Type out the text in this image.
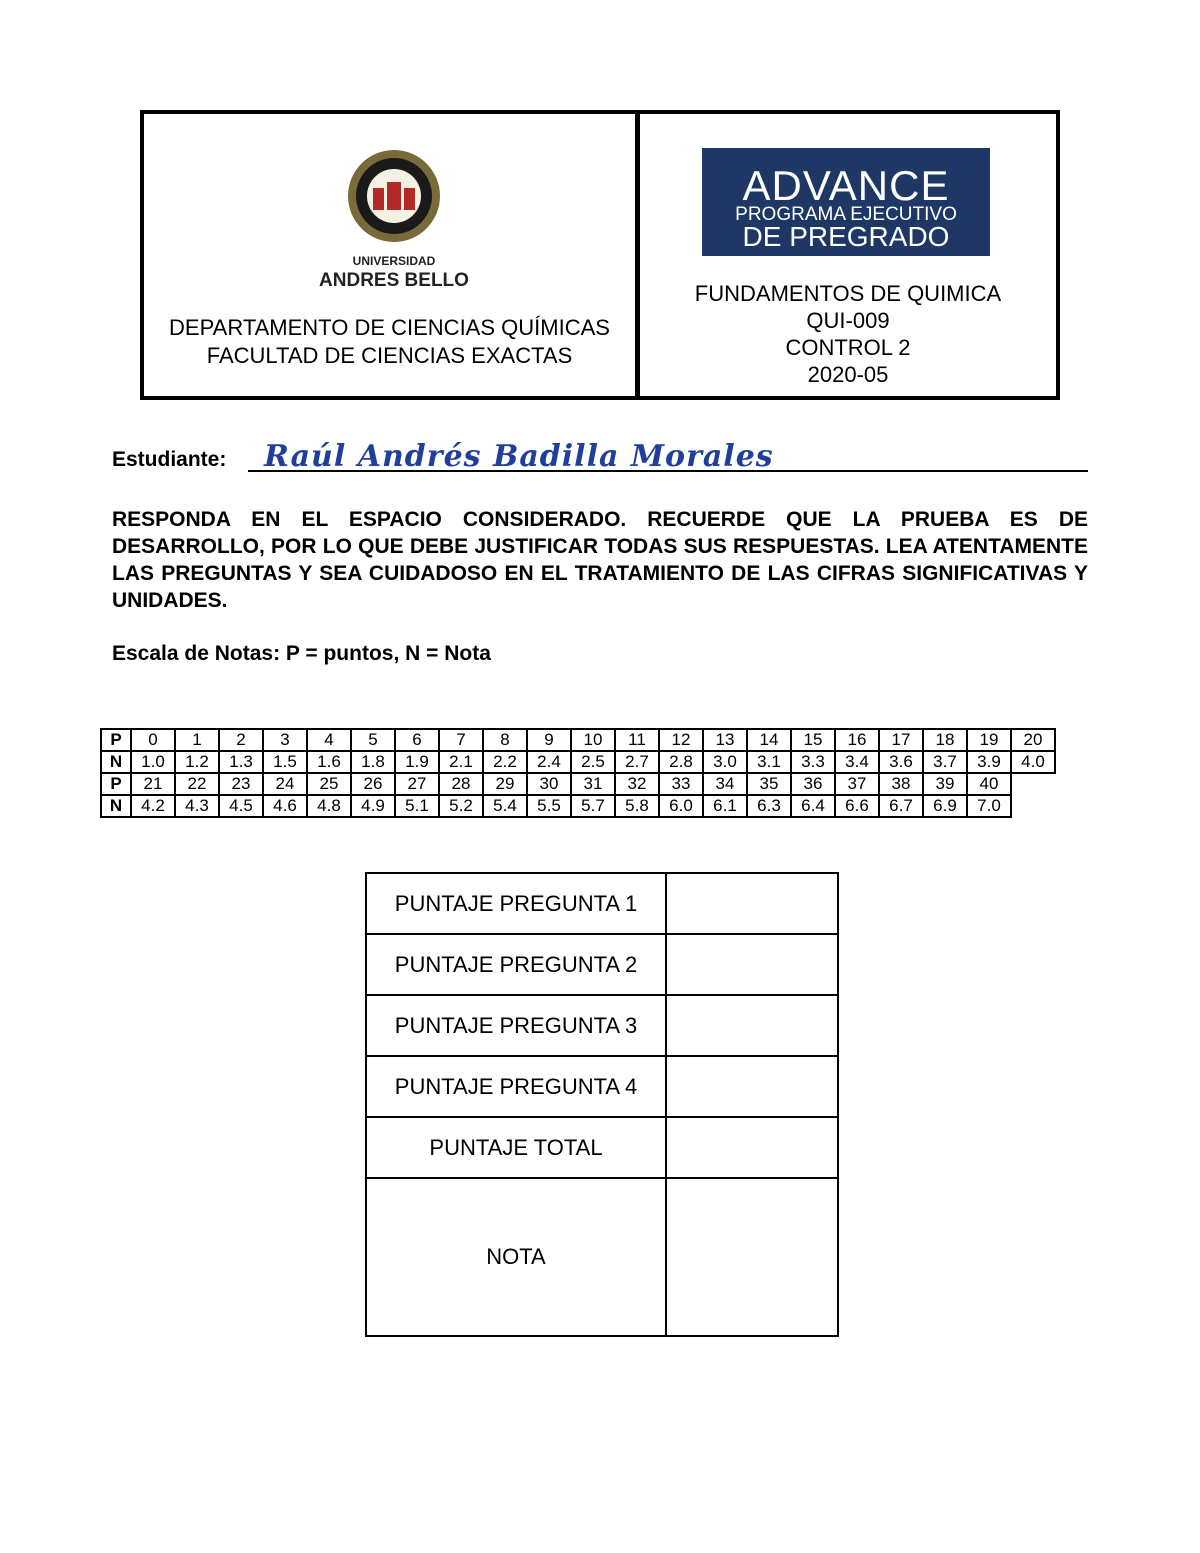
UNIVERSIDAD
ANDRES BELLO
DEPARTAMENTO DE CIENCIAS QUÍMICAS
FACULTAD DE CIENCIAS EXACTAS
ADVANCE
PROGRAMA EJECUTIVO
DE PREGRADO
FUNDAMENTOS DE QUIMICA
QUI-009
CONTROL 2
2020-05
Estudiante: Raúl Andrés Badilla Morales
RESPONDA EN EL ESPACIO CONSIDERADO. RECUERDE QUE LA PRUEBA ES DE DESARROLLO, POR LO QUE DEBE JUSTIFICAR TODAS SUS RESPUESTAS. LEA ATENTAMENTE LAS PREGUNTAS Y SEA CUIDADOSO EN EL TRATAMIENTO DE LAS CIFRAS SIGNIFICATIVAS Y UNIDADES.
Escala de Notas: P = puntos, N = Nota
P	0	1	2	3	4	5	6	7	8	9	10	11	12	13	14	15	16	17	18	19	20
N	1.0	1.2	1.3	1.5	1.6	1.8	1.9	2.1	2.2	2.4	2.5	2.7	2.8	3.0	3.1	3.3	3.4	3.6	3.7	3.9	4.0
P	21	22	23	24	25	26	27	28	29	30	31	32	33	34	35	36	37	38	39	40	
N	4.2	4.3	4.5	4.6	4.8	4.9	5.1	5.2	5.4	5.5	5.7	5.8	6.0	6.1	6.3	6.4	6.6	6.7	6.9	7.0	
PUNTAJE PREGUNTA 1	
PUNTAJE PREGUNTA 2	
PUNTAJE PREGUNTA 3	
PUNTAJE PREGUNTA 4	
PUNTAJE TOTAL	
NOTA	
